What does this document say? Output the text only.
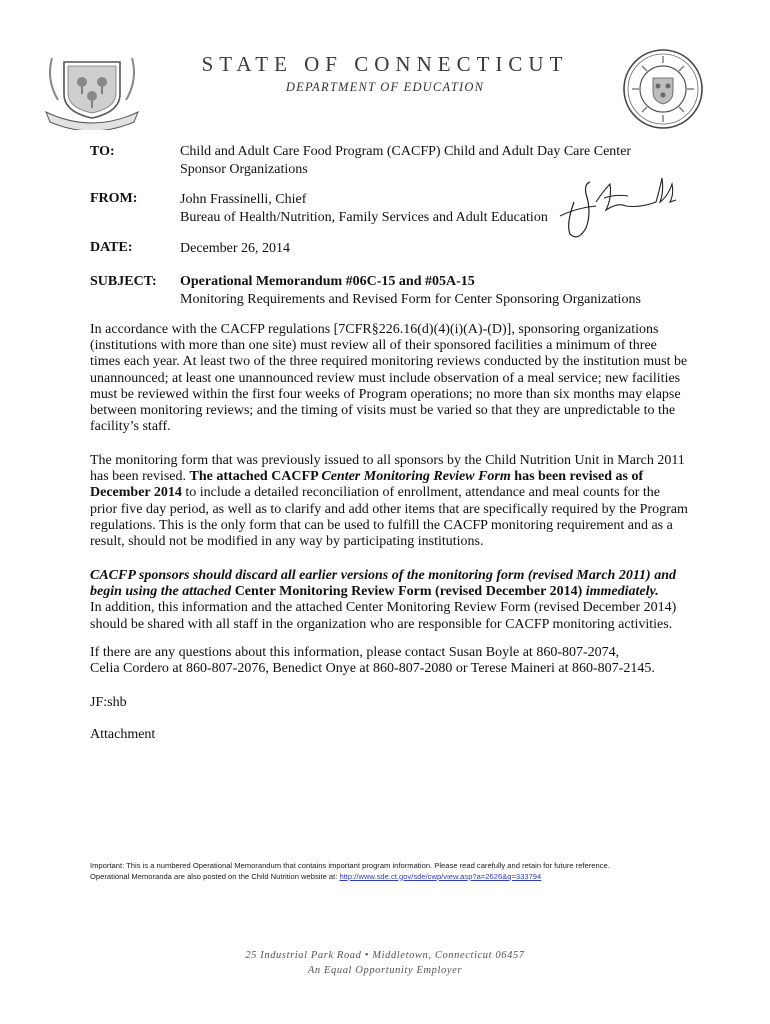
STATE OF CONNECTICUT
DEPARTMENT OF EDUCATION
TO:	Child and Adult Care Food Program (CACFP) Child and Adult Day Care Center
Sponsor Organizations
FROM:	John Frassinelli, Chief
Bureau of Health/Nutrition, Family Services and Adult Education
DATE:	December 26, 2014
SUBJECT: Operational Memorandum #06C-15 and #05A-15
Monitoring Requirements and Revised Form for Center Sponsoring Organizations
In accordance with the CACFP regulations [7CFR§226.16(d)(4)(i)(A)-(D)], sponsoring organizations (institutions with more than one site) must review all of their sponsored facilities a minimum of three times each year. At least two of the three required monitoring reviews conducted by the institution must be unannounced; at least one unannounced review must include observation of a meal service; new facilities must be reviewed within the first four weeks of Program operations; no more than six months may elapse between monitoring reviews; and the timing of visits must be varied so that they are unpredictable to the facility’s staff.
The monitoring form that was previously issued to all sponsors by the Child Nutrition Unit in March 2011 has been revised. The attached CACFP Center Monitoring Review Form has been revised as of December 2014 to include a detailed reconciliation of enrollment, attendance and meal counts for the prior five day period, as well as to clarify and add other items that are specifically required by the Program regulations. This is the only form that can be used to fulfill the CACFP monitoring requirement and as a result, should not be modified in any way by participating institutions.
CACFP sponsors should discard all earlier versions of the monitoring form (revised March 2011) and begin using the attached Center Monitoring Review Form (revised December 2014) immediately.
In addition, this information and the attached Center Monitoring Review Form (revised December 2014) should be shared with all staff in the organization who are responsible for CACFP monitoring activities.
If there are any questions about this information, please contact Susan Boyle at 860-807-2074,
Celia Cordero at 860-807-2076, Benedict Onye at 860-807-2080 or Terese Maineri at 860-807-2145.
JF:shb
Attachment
Important: This is a numbered Operational Memorandum that contains important program information. Please read carefully and retain for future reference.
Operational Memoranda are also posted on the Child Nutrition website at: http://www.sde.ct.gov/sde/cwp/view.asp?a=2626&q=333794
25 Industrial Park Road • Middletown, Connecticut 06457
An Equal Opportunity Employer
